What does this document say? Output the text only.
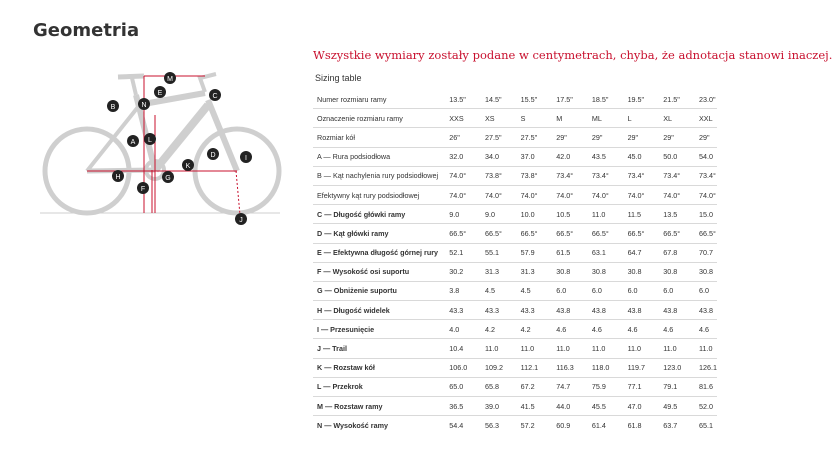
Geometria
A
B
C
D
E
F
G
H
I
J
K
L
M
N
Wszystkie wymiary zostały podane w centymetrach, chyba, że adnotacja stanowi inaczej.
Sizing table
Numer rozmiaru ramy	13.5"	14.5"	15.5"	17.5"	18.5"	19.5"	21.5"	23.0"
Oznaczenie rozmiaru ramy	XXS	XS	S	M	ML	L	XL	XXL
Rozmiar kół	26"	27.5"	27.5"	29"	29"	29"	29"	29"
A — Rura podsiodłowa	32.0	34.0	37.0	42.0	43.5	45.0	50.0	54.0
B — Kąt nachylenia rury podsiodłowej	74.0°	73.8°	73.8°	73.4°	73.4°	73.4°	73.4°	73.4°
Efektywny kąt rury podsiodłowej	74.0°	74.0°	74.0°	74.0°	74.0°	74.0°	74.0°	74.0°
C — Długość główki ramy	9.0	9.0	10.0	10.5	11.0	11.5	13.5	15.0
D — Kąt główki ramy	66.5°	66.5°	66.5°	66.5°	66.5°	66.5°	66.5°	66.5°
E — Efektywna długość górnej rury	52.1	55.1	57.9	61.5	63.1	64.7	67.8	70.7
F — Wysokość osi suportu	30.2	31.3	31.3	30.8	30.8	30.8	30.8	30.8
G — Obniżenie suportu	3.8	4.5	4.5	6.0	6.0	6.0	6.0	6.0
H — Długość widelek	43.3	43.3	43.3	43.8	43.8	43.8	43.8	43.8
I — Przesunięcie	4.0	4.2	4.2	4.6	4.6	4.6	4.6	4.6
J — Trail	10.4	11.0	11.0	11.0	11.0	11.0	11.0	11.0
K — Rozstaw kół	106.0	109.2	112.1	116.3	118.0	119.7	123.0	126.1
L — Przekrok	65.0	65.8	67.2	74.7	75.9	77.1	79.1	81.6
M — Rozstaw ramy	36.5	39.0	41.5	44.0	45.5	47.0	49.5	52.0
N — Wysokość ramy	54.4	56.3	57.2	60.9	61.4	61.8	63.7	65.1
